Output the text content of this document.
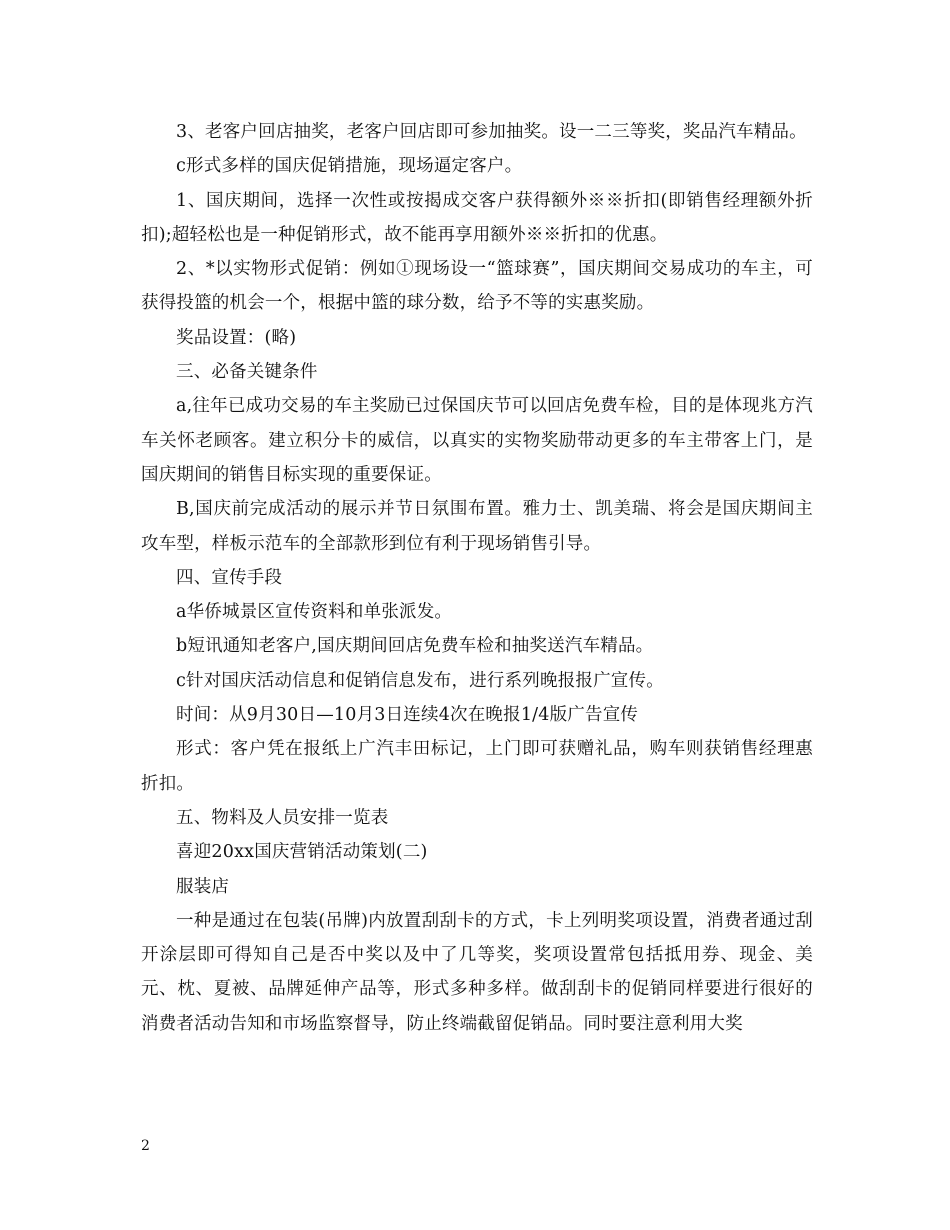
3、老客户回店抽奖，老客户回店即可参加抽奖。设一二三等奖，奖品汽车精品。

c形式多样的国庆促销措施，现场逼定客户。

1、国庆期间，选择一次性或按揭成交客户获得额外※※折扣(即销售经理额外折扣);超轻松也是一种促销形式，故不能再享用额外※※折扣的优惠。

2、*以实物形式促销：例如①现场设一“篮球赛”，国庆期间交易成功的车主，可获得投篮的机会一个，根据中篮的球分数，给予不等的实惠奖励。

奖品设置：(略)

三、必备关键条件

a,往年已成功交易的车主奖励已过保国庆节可以回店免费车检，目的是体现兆方汽车关怀老顾客。建立积分卡的威信，以真实的实物奖励带动更多的车主带客上门，是国庆期间的销售目标实现的重要保证。

B,国庆前完成活动的展示并节日氛围布置。雅力士、凯美瑞、将会是国庆期间主攻车型，样板示范车的全部款形到位有利于现场销售引导。

四、宣传手段

a华侨城景区宣传资料和单张派发。

b短讯通知老客户,国庆期间回店免费车检和抽奖送汽车精品。

c针对国庆活动信息和促销信息发布，进行系列晚报报广宣传。

时间：从9月30日—10月3日连续4次在晚报1/4版广告宣传

形式：客户凭在报纸上广汽丰田标记，上门即可获赠礼品，购车则获销售经理惠折扣。

五、物料及人员安排一览表

喜迎20xx国庆营销活动策划(二)

服装店

一种是通过在包装(吊牌)内放置刮刮卡的方式，卡上列明奖项设置，消费者通过刮开涂层即可得知自己是否中奖以及中了几等奖，奖项设置常包括抵用券、现金、美元、枕、夏被、品牌延伸产品等，形式多种多样。做刮刮卡的促销同样要进行很好的消费者活动告知和市场监察督导，防止终端截留促销品。同时要注意利用大奖

2
